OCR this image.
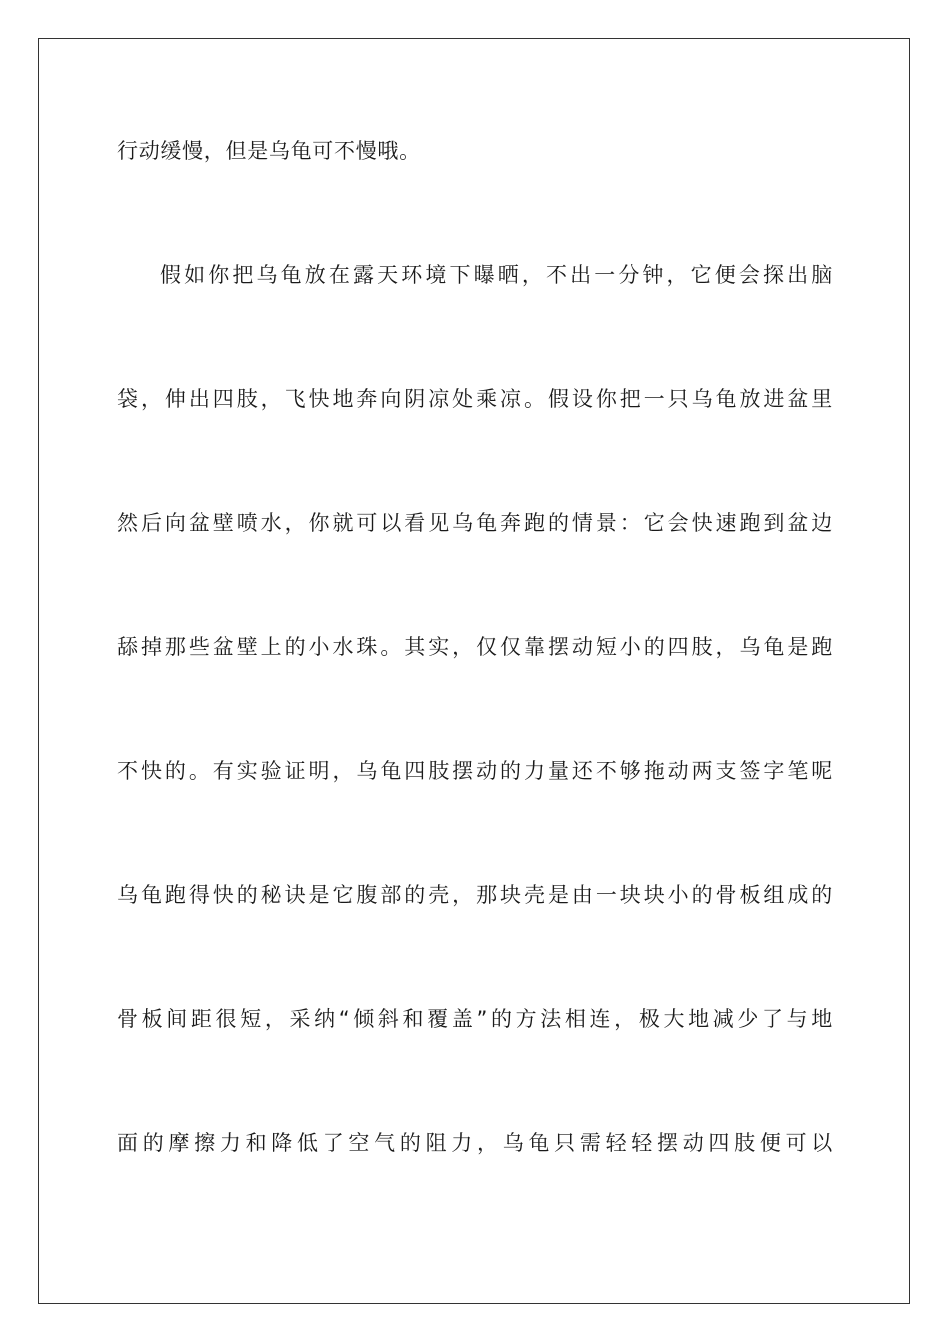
行动缓慢，但是乌龟可不慢哦。
假如你把乌龟放在露天环境下曝晒，不出一分钟，它便会探出脑
袋，伸出四肢，飞快地奔向阴凉处乘凉。假设你把一只乌龟放进盆里
然后向盆壁喷水，你就可以看见乌龟奔跑的情景：它会快速跑到盆边
舔掉那些盆壁上的小水珠。其实，仅仅靠摆动短小的四肢，乌龟是跑
不快的。有实验证明，乌龟四肢摆动的力量还不够拖动两支签字笔呢
乌龟跑得快的秘诀是它腹部的壳，那块壳是由一块块小的骨板组成的
骨板间距很短，采纳“倾斜和覆盖”的方法相连，极大地减少了与地
面的摩擦力和降低了空气的阻力，乌龟只需轻轻摆动四肢便可以
